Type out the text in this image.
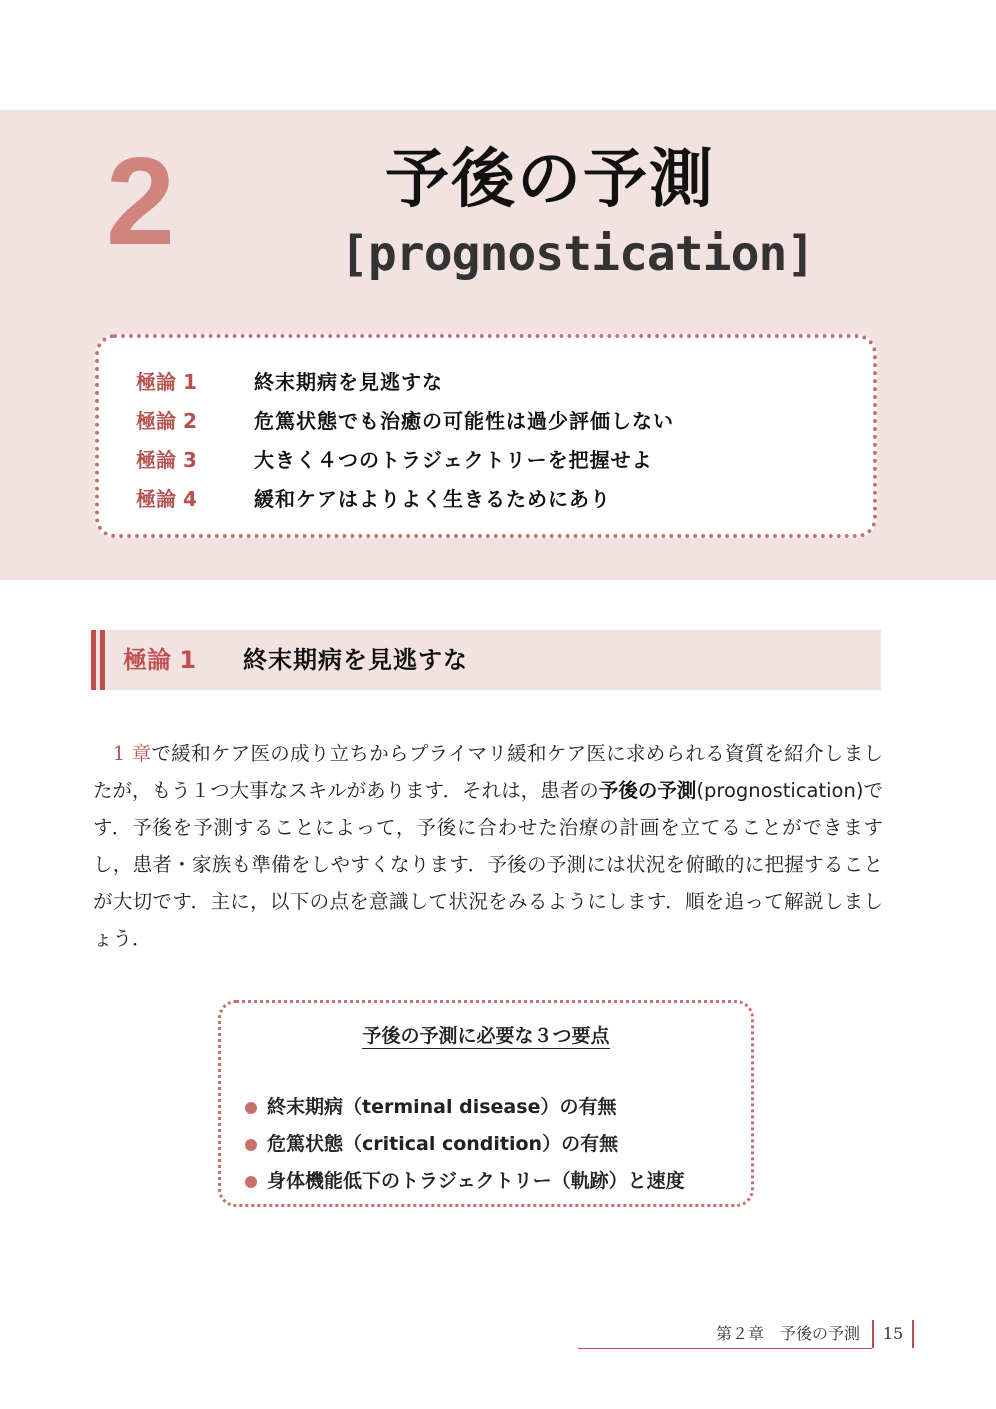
2	予後の予測
[prognostication]
極論 1	終末期病を見逃すな
極論 2	危篤状態でも治癒の可能性は過少評価しない
極論 3	大きく４つのトラジェクトリーを把握せよ
極論 4	緩和ケアはよりよく生きるためにあり
極論 1 終末期病を見逃すな
　1 章で緩和ケア医の成り立ちからプライマリ緩和ケア医に求められる資質を紹介しましたが，もう１つ大事なスキルがあります．それは，患者の予後の予測(prognostication)です．予後を予測することによって，予後に合わせた治療の計画を立てることができますし，患者・家族も準備をしやすくなります．予後の予測には状況を俯瞰的に把握することが大切です．主に，以下の点を意識して状況をみるようにします．順を追って解説しましょう．
予後の予測に必要な３つ要点
終末期病（terminal disease）の有無
危篤状態（critical condition）の有無
身体機能低下のトラジェクトリー（軌跡）と速度
第２章　予後の予測	15
